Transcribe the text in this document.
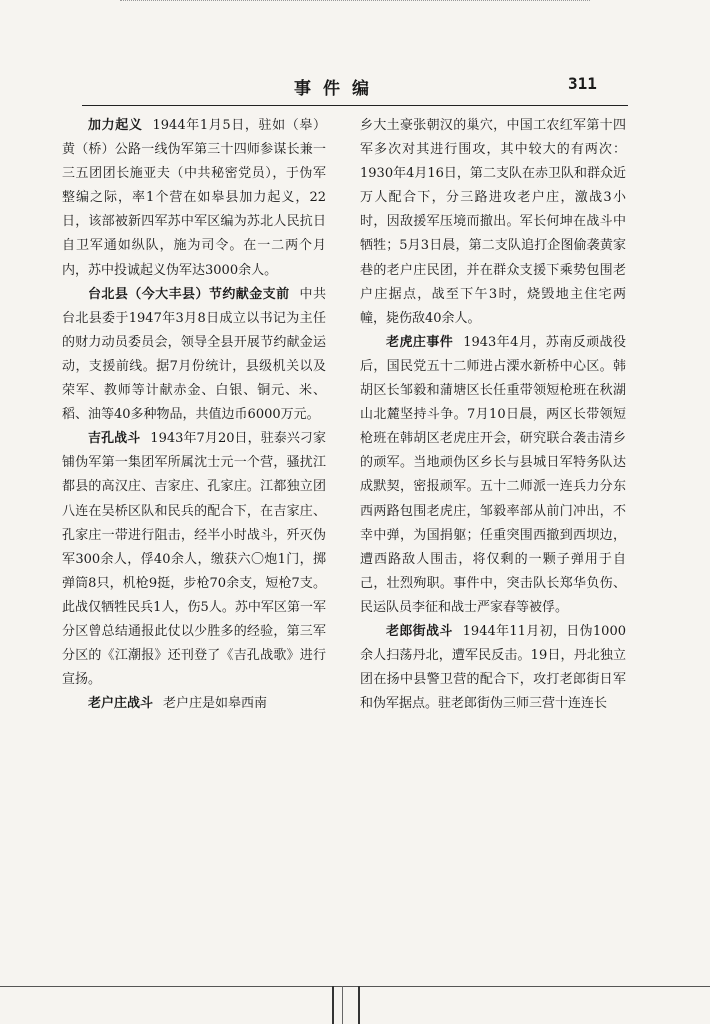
事件编	311

加力起义 1944年1月5日，驻如（皋）黄（桥）公路一线伪军第三十四师参谋长兼一三五团团长施亚夫（中共秘密党员），于伪军整编之际，率1个营在如皋县加力起义，22日，该部被新四军苏中军区编为苏北人民抗日自卫军通如纵队，施为司令。在一二两个月内，苏中投诚起义伪军达3000余人。

台北县（今大丰县）节约献金支前 中共台北县委于1947年3月8日成立以书记为主任的财力动员委员会，领导全县开展节约献金运动，支援前线。据7月份统计，县级机关以及荣军、教师等计献赤金、白银、铜元、米、稻、油等40多种物品，共值边币6000万元。

吉孔战斗 1943年7月20日，驻泰兴刁家铺伪军第一集团军所属沈士元一个营，骚扰江都县的高汉庄、吉家庄、孔家庄。江都独立团八连在吴桥区队和民兵的配合下，在吉家庄、孔家庄一带进行阻击，经半小时战斗，歼灭伪军300余人，俘40余人，缴获六〇炮1门，掷弹筒8只，机枪9挺，步枪70余支，短枪7支。此战仅牺牲民兵1人，伤5人。苏中军区第一军分区曾总结通报此仗以少胜多的经验，第三军分区的《江潮报》还刊登了《吉孔战歌》进行宣扬。

老户庄战斗 老户庄是如皋西南

乡大土豪张朝汉的巢穴，中国工农红军第十四军多次对其进行围攻，其中较大的有两次：1930年4月16日，第二支队在赤卫队和群众近万人配合下，分三路进攻老户庄，激战3小时，因敌援军压境而撤出。军长何坤在战斗中牺牲；5月3日晨，第二支队追打企图偷袭黄家巷的老户庄民团，并在群众支援下乘势包围老户庄据点，战至下午3时，烧毁地主住宅两幢，毙伤敌40余人。

老虎庄事件 1943年4月，苏南反顽战役后，国民党五十二师进占溧水新桥中心区。韩胡区长邹毅和蒲塘区长任重带领短枪班在秋湖山北麓坚持斗争。7月10日晨，两区长带领短枪班在韩胡区老虎庄开会，研究联合袭击清乡的顽军。当地顽伪区乡长与县城日军特务队达成默契，密报顽军。五十二师派一连兵力分东西两路包围老虎庄，邹毅率部从前门冲出，不幸中弹，为国捐躯；任重突围西撤到西坝边，遭西路敌人围击，将仅剩的一颗子弹用于自己，壮烈殉职。事件中，突击队长郑华负伤、民运队员李征和战士严家春等被俘。

老郎街战斗 1944年11月初，日伪1000余人扫荡丹北，遭军民反击。19日，丹北独立团在扬中县警卫营的配合下，攻打老郎街日军和伪军据点。驻老郎街伪三师三营十连连长
